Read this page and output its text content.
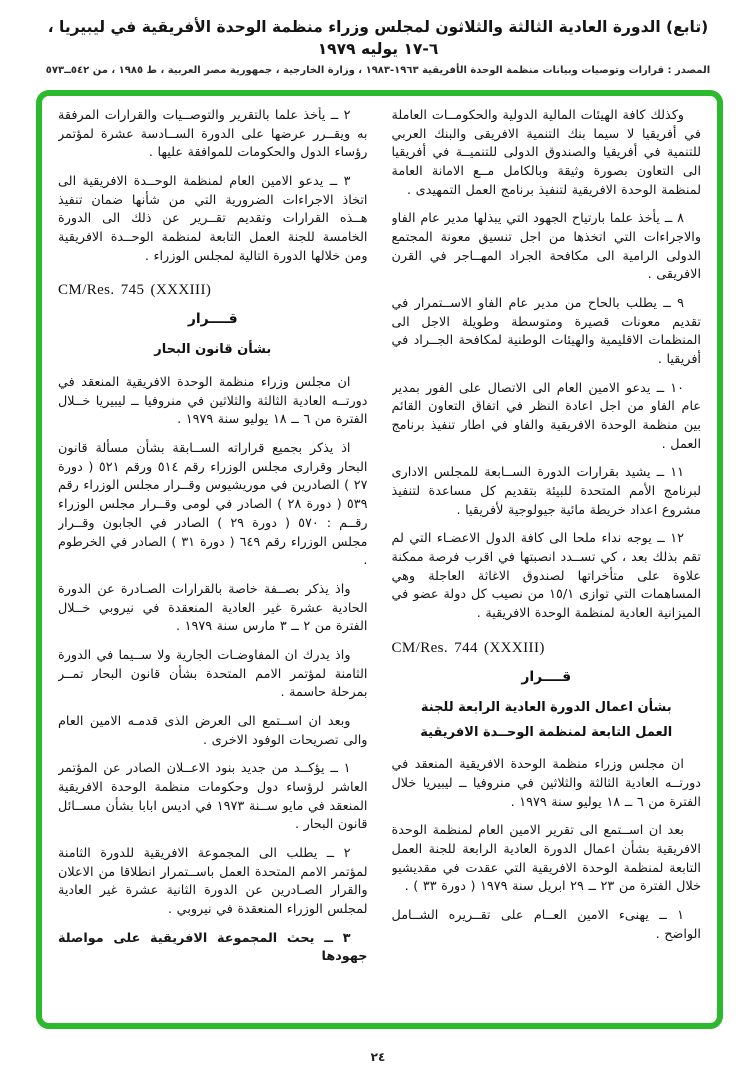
(تابع) الدورة العادية الثالثة والثلاثون لمجلس وزراء منظمة الوحدة الأفريقية في ليبيريا ، ٦-١٧ يوليه ١٩٧٩
المصدر : قرارات وتوصيات وبيانات منظمة الوحدة الأفريقية ١٩٦٣-١٩٨٣ ، وزارة الخارجية ، جمهورية مصر العربية ، ط ١٩٨٥ ، من ٥٤٢ــ٥٧٣

وكذلك كافة الهيئات المالية الدولية والحكومــات العاملة في أفريقيا لا سيما بنك التنمية الافريقى والبنك العربي للتنمية في أفريقيا والصندوق الدولى للتنميــة في أفريقيا الى التعاون بصورة وثيقة وبالكامل مــع الامانة العامة لمنظمة الوحدة الافريقية لتنفيذ برنامج العمل التمهيدى .

٨ ــ يأخذ علما بارتياح الجهود التي يبذلها مدير عام الفاو والاجراءات التي اتخذها من اجل تنسيق معونة المجتمع الدولى الرامية الى مكافحة الجراد المهــاجر في القرن الافريقى .

٩ ــ يطلب بالحاح من مدير عام الفاو الاســتمرار في تقديم معونات قصيرة ومتوسطة وطويلة الاجل الى المنظمات الاقليمية والهيئات الوطنية لمكافحة الجــراد في أفريقيا .

١٠ ــ يدعو الامين العام الى الاتصال على الفور بمدير عام الفاو من اجل اعادة النظر في اتفاق التعاون القائم بين منظمة الوحدة الافريقية والفاو في اطار تنفيذ برنامج العمل .

١١ ــ يشيد بقرارات الدورة الســابعة للمجلس الادارى لبرنامج الأمم المتحدة للبيئة بتقديم كل مساعدة لتنفيذ مشروع اعداد خريطة مائية جيولوجية لأفريقيا .

١٢ ــ يوجه نداء ملحا الى كافة الدول الاعضـاء التي لم تقم بذلك بعد ، كي تســدد انصبتها في اقرب فرصة ممكنة علاوة على متأخراتها لصندوق الاغاثة العاجلة وهي المساهمات التي توازى ١٥/١ من نصيب كل دولة عضو في الميزانية العادية لمنظمة الوحدة الافريقية .

CM/Res. 744 (XXXIII)
قــــرار
بشأن اعمال الدورة العادية الرابعة للجنة
العمل التابعة لمنظمة الوحــدة الافريقية

ان مجلس وزراء منظمة الوحدة الافريقية المنعقد في دورتــه العادية الثالثة والثلاثين في منروفيا ــ ليبيريا خلال الفترة من ٦ ــ ١٨ يوليو سنة ١٩٧٩ .

بعد ان اســتمع الى تقرير الامين العام لمنظمة الوحدة الافريقية بشأن اعمال الدورة العادية الرابعة للجنة العمل التابعة لمنظمة الوحدة الافريقية التي عقدت في مقديشيو خلال الفترة من ٢٣ ــ ٢٩ ابريل سنة ١٩٧٩ ( دورة ٣٣ ) .

١ ــ يهنىء الامين العــام على تقــريره الشــامل الواضح .

٢ ــ يأخذ علما بالتقرير والتوصــيات والقرارات المرفقة به ويقــرر عرضها على الدورة الســادسة عشرة لمؤتمر رؤساء الدول والحكومات للموافقة عليها .

٣ ــ يدعو الامين العام لمنظمة الوحــدة الافريقية الى اتخاذ الاجراءات الضرورية التي من شأنها ضمان تنفيذ هــذه القرارات وتقديم تقــرير عن ذلك الى الدورة الخامسة للجنة العمل التابعة لمنظمة الوحــدة الافريقية ومن خلالها الدورة التالية لمجلس الوزراء .

CM/Res. 745 (XXXIII)
قــــرار
بشأن قانون البحار

ان مجلس وزراء منظمة الوحدة الافريقية المنعقد في دورتــه العادية الثالثة والثلاثين في منروفيا ــ ليبيريا خــلال الفترة من ٦ ــ ١٨ يوليو سنة ١٩٧٩ .

اذ يذكر بجميع قراراته الســابقة بشأن مسألة قانون البحار وقرارى مجلس الوزراء رقم ٥١٤ ورقم ٥٢١ ( دورة ٢٧ ) الصادرين في موريشيوس وقــرار مجلس الوزراء رقم ٥٣٩ ( دورة ٢٨ ) الصادر في لومى وقــرار مجلس الوزراء رقــم : ٥٧٠ ( دورة ٢٩ ) الصادر في الجابون وقــرار مجلس الوزراء رقم ٦٤٩ ( دورة ٣١ ) الصادر في الخرطوم .

واذ يذكر بصــفة خاصة بالقرارات الصـادرة عن الدورة الحادية عشرة غير العادية المنعقدة في نيروبي خــلال الفترة من ٢ ــ ٣ مارس سنة ١٩٧٩ .

واذ يدرك ان المفاوضـات الجارية ولا ســيما في الدورة الثامنة لمؤتمر الامم المتحدة بشأن قانون البحار تمــر بمرحلة حاسمة .

وبعد ان اســتمع الى العرض الذى قدمـه الامين العام والى تصريحات الوفود الاخرى .

١ ــ يؤكــد من جديد بنود الاعــلان الصادر عن المؤتمر العاشر لرؤساء دول وحكومات منظمة الوحدة الافريقية المنعقد في مايو ســنة ١٩٧٣ في اديس ابابا بشأن مســائل قانون البحار .

٢ ــ يطلب الى المجموعة الافريقية للدورة الثامنة لمؤتمر الامم المتحدة العمل باســتمرار انطلاقا من الاعلان والقرار الصـادرين عن الدورة الثانية عشرة غير العادية لمجلس الوزراء المنعقدة في نيروبي .

٣ ــ يحث المجموعة الافريقية على مواصلة جهودها

٢٤
